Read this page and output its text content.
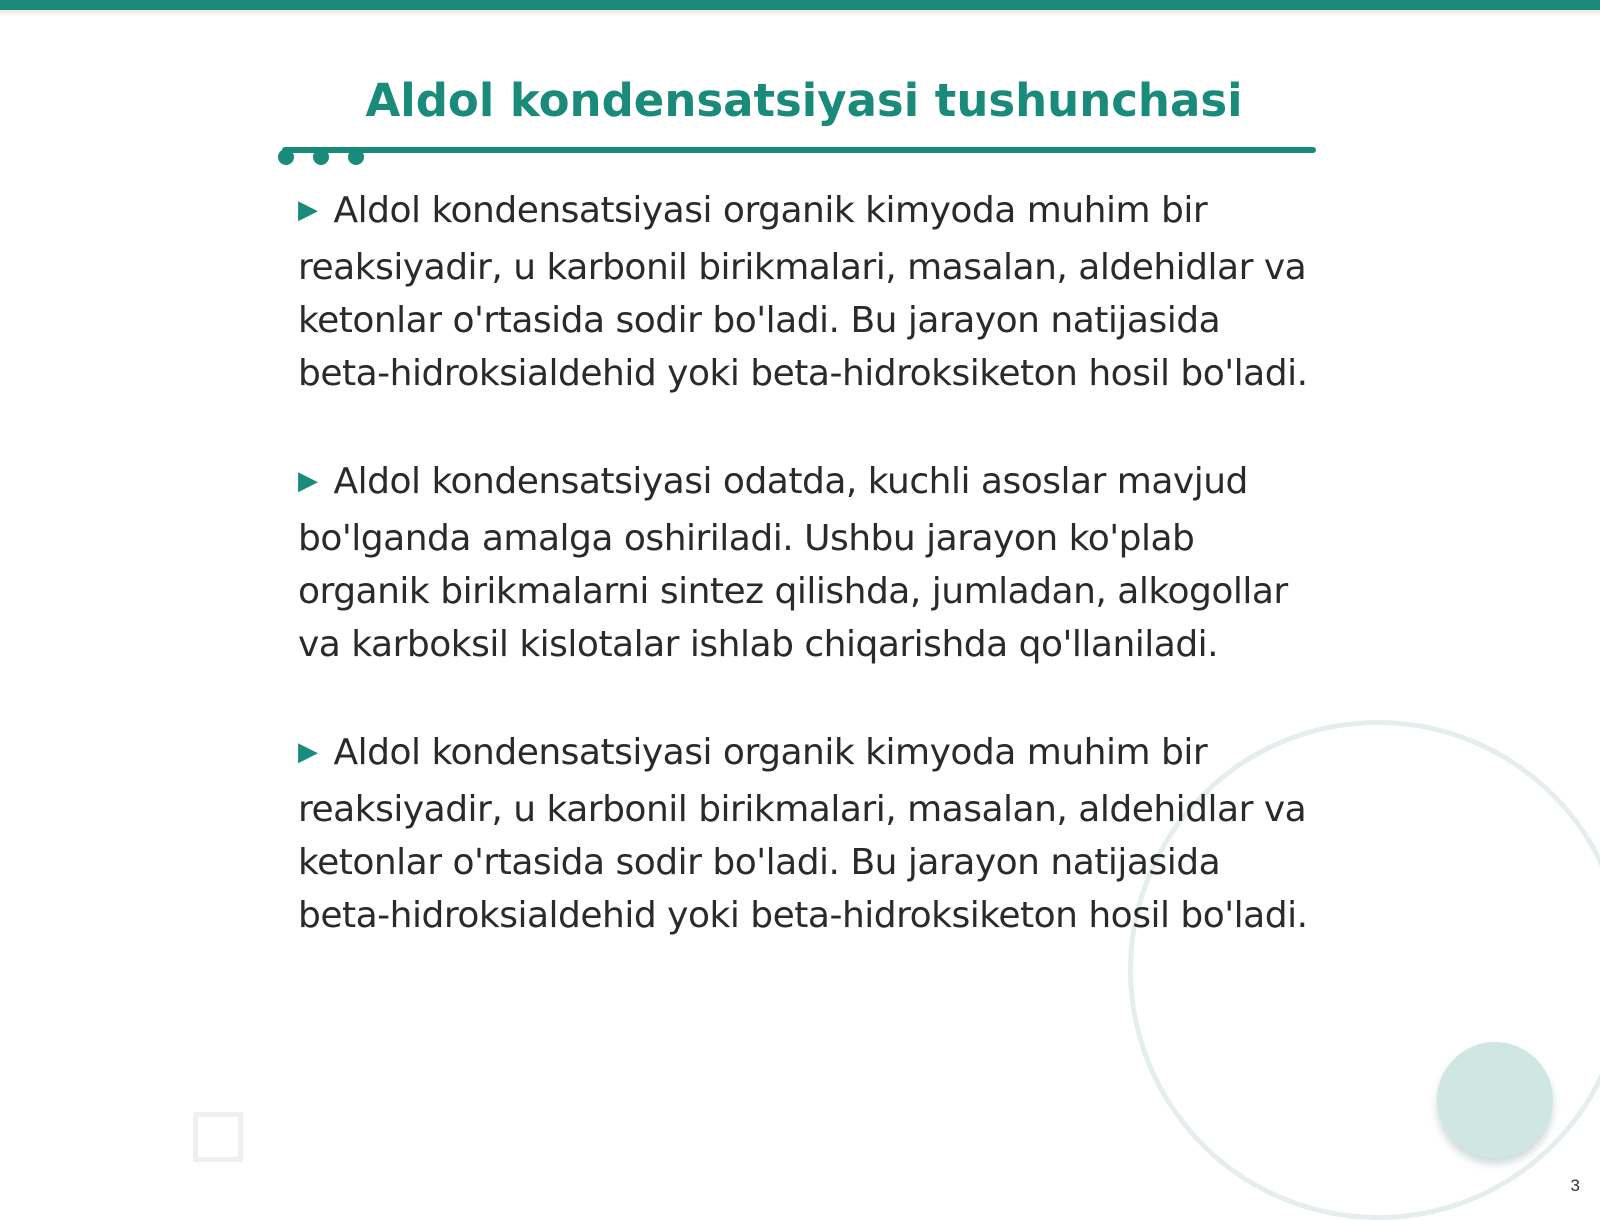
Aldol kondensatsiyasi tushunchasi

▶ Aldol kondensatsiyasi organik kimyoda muhim bir reaksiyadir, u karbonil birikmalari, masalan, aldehidlar va ketonlar o'rtasida sodir bo'ladi. Bu jarayon natijasida beta-hidroksialdehid yoki beta-hidroksiketon hosil bo'ladi.

▶ Aldol kondensatsiyasi odatda, kuchli asoslar mavjud bo'lganda amalga oshiriladi. Ushbu jarayon ko'plab organik birikmalarni sintez qilishda, jumladan, alkogollar va karboksil kislotalar ishlab chiqarishda qo'llaniladi.

▶ Aldol kondensatsiyasi organik kimyoda muhim bir reaksiyadir, u karbonil birikmalari, masalan, aldehidlar va ketonlar o'rtasida sodir bo'ladi. Bu jarayon natijasida beta-hidroksialdehid yoki beta-hidroksiketon hosil bo'ladi.

3
